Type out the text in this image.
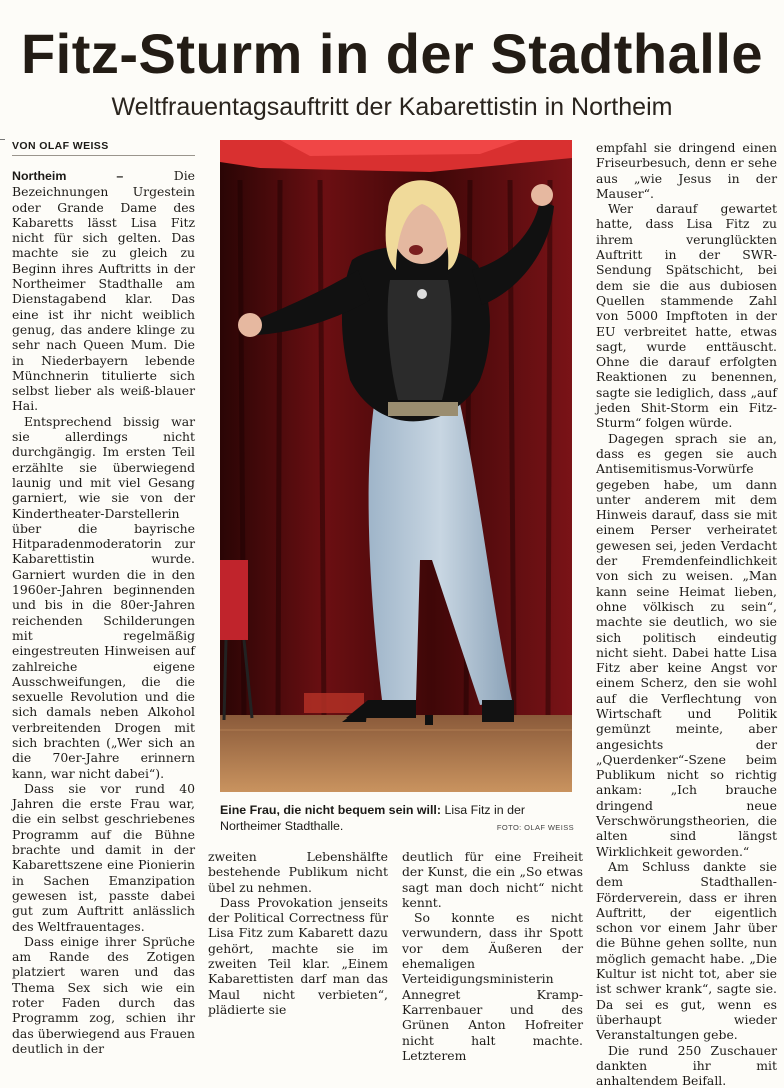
Fitz-Sturm in der Stadthalle
Weltfrauentagsauftritt der Kabarettistin in Northeim
VON OLAF WEISS

Northeim –	Die Bezeichnungen Urgestein oder Grande Dame des Kabaretts lässt Lisa Fitz nicht für sich gelten. Das machte sie zu gleich zu Beginn ihres Auftritts in der Northeimer Stadthalle am Dienstagabend klar. Das eine ist ihr nicht weiblich genug, das andere klinge zu sehr nach Queen Mum. Die in Niederbayern lebende Münchnerin titulierte sich selbst lieber als weiß-blauer Hai.

Entsprechend bissig war sie allerdings nicht durchgängig. Im ersten Teil erzählte sie überwiegend launig und mit viel Gesang garniert, wie sie von der Kindertheater-Darstellerin über die bayrische Hitparadenmoderatorin zur Kabarettistin wurde. Garniert wurden die in den 1960er-Jahren beginnenden und bis in die 80er-Jahren reichenden Schilderungen mit regelmäßig eingestreuten Hinweisen auf zahlreiche eigene Ausschweifungen, die die sexuelle Revolution und die sich damals neben Alkohol verbreitenden Drogen mit sich brachten („Wer sich an die 70er-Jahre erinnern kann, war nicht dabei“).

Dass sie vor rund 40 Jahren die erste Frau war, die ein selbst geschriebenes Programm auf die Bühne brachte und damit in der Kabarettszene eine Pionierin in Sachen Emanzipation gewesen ist, passte dabei gut zum Auftritt anlässlich des Weltfrauentages.

Dass einige ihrer Sprüche am Rande des Zotigen platziert waren und das Thema Sex sich wie ein roter Faden durch das Programm zog, schien ihr das überwiegend aus Frauen deutlich in der

Eine Frau, die nicht bequem sein will: Lisa Fitz in der Northeimer Stadthalle.	FOTO: OLAF WEISS

zweiten Lebenshälfte bestehende Publikum nicht übel zu nehmen.

Dass Provokation jenseits der Political Correctness für Lisa Fitz zum Kabarett dazu gehört, machte sie im zweiten Teil klar. „Einem Kabarettisten darf man das Maul nicht verbieten“, plädierte sie

deutlich für eine Freiheit der Kunst, die ein „So etwas sagt man doch nicht“ nicht kennt.

So konnte es nicht verwundern, dass ihr Spott vor dem Äußeren der ehemaligen Verteidigungsministerin Annegret Kramp-Karrenbauer und des Grünen Anton Hofreiter nicht halt machte. Letzterem

empfahl sie dringend einen Friseurbesuch, denn er sehe aus „wie Jesus in der Mauser“.

Wer darauf gewartet hatte, dass Lisa Fitz zu ihrem verunglückten Auftritt in der SWR-Sendung Spätschicht, bei dem sie die aus dubiosen Quellen stammende Zahl von 5000 Impftoten in der EU verbreitet hatte, etwas sagt, wurde enttäuscht. Ohne die darauf erfolgten Reaktionen zu benennen, sagte sie lediglich, dass „auf jeden Shit-Storm ein Fitz-Sturm“ folgen würde.

Dagegen sprach sie an, dass es gegen sie auch Antisemitismus-Vorwürfe gegeben habe, um dann unter anderem mit dem Hinweis darauf, dass sie mit einem Perser verheiratet gewesen sei, jeden Verdacht der Fremdenfeindlichkeit von sich zu weisen. „Man kann seine Heimat lieben, ohne völkisch zu sein“, machte sie deutlich, wo sie sich politisch eindeutig nicht sieht. Dabei hatte Lisa Fitz aber keine Angst vor einem Scherz, den sie wohl auf die Verflechtung von Wirtschaft und Politik gemünzt meinte, aber angesichts der „Querdenker“-Szene beim Publikum nicht so richtig ankam: „Ich brauche dringend neue Verschwörungstheorien, die alten sind längst Wirklichkeit geworden.“

Am Schluss dankte sie dem Stadthallen-Förderverein, dass er ihren Auftritt, der eigentlich schon vor einem Jahr über die Bühne gehen sollte, nun möglich gemacht habe. „Die Kultur ist nicht tot, aber sie ist schwer krank“, sagte sie. Da sei es gut, wenn es überhaupt wieder Veranstaltungen gebe.

Die rund 250 Zuschauer dankten ihr mit anhaltendem Beifall.
